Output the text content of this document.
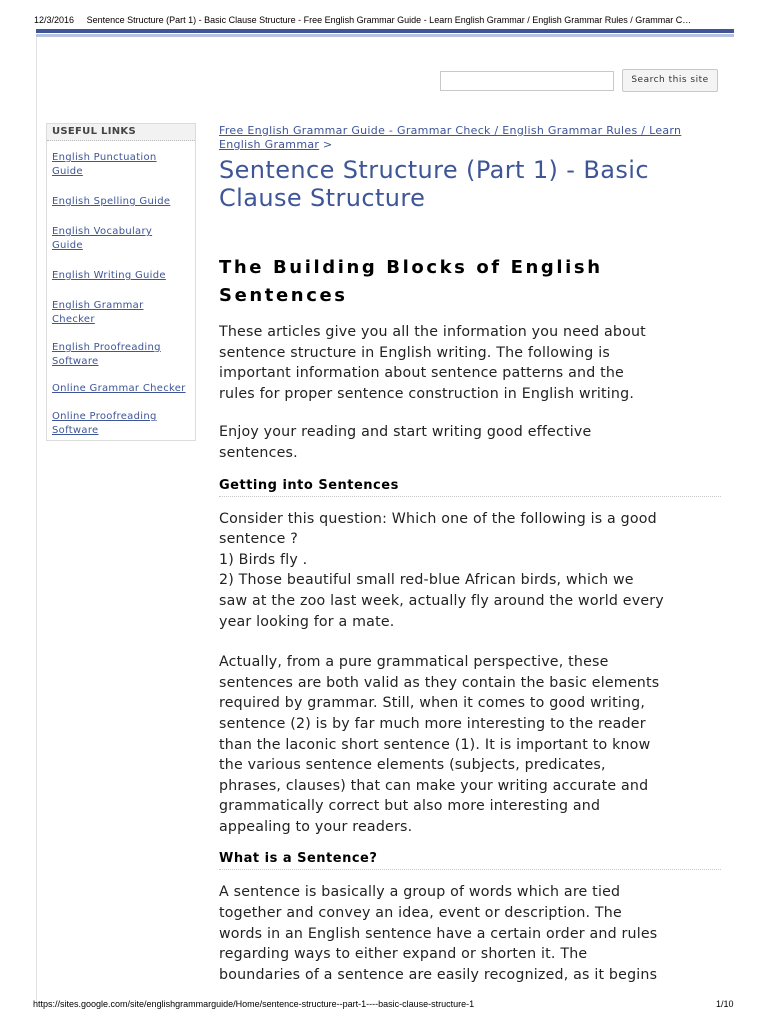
12/3/2016 Sentence Structure (Part 1) - Basic Clause Structure - Free English Grammar Guide - Learn English Grammar / English Grammar Rules / Grammar C…
Search this site
USEFUL LINKS
English Punctuation
Guide
English Spelling Guide
English Vocabulary
Guide
English Writing Guide
English Grammar
Checker
English Proofreading
Software
Online Grammar Checker
Online Proofreading
Software
Free English Grammar Guide - Grammar Check / English Grammar Rules / Learn
English Grammar >
Sentence Structure (Part 1) - Basic
Clause Structure
The Building Blocks of English
Sentences

These articles give you all the information you need about
sentence structure in English writing. The following is
important information about sentence patterns and the
rules for proper sentence construction in English writing.

Enjoy your reading and start writing good effective
sentences.

Getting into Sentences

Consider this question: Which one of the following is a good
sentence ?
1) Birds fly .
2) Those beautiful small red-blue African birds, which we
saw at the zoo last week, actually fly around the world every
year looking for a mate.

Actually, from a pure grammatical perspective, these
sentences are both valid as they contain the basic elements
required by grammar. Still, when it comes to good writing,
sentence (2) is by far much more interesting to the reader
than the laconic short sentence (1). It is important to know
the various sentence elements (subjects, predicates,
phrases, clauses) that can make your writing accurate and
grammatically correct but also more interesting and
appealing to your readers.

What is a Sentence?

A sentence is basically a group of words which are tied
together and convey an idea, event or description. The
words in an English sentence have a certain order and rules
regarding ways to either expand or shorten it. The
boundaries of a sentence are easily recognized, as it begins

https://sites.google.com/site/englishgrammarguide/Home/sentence-structure--part-1----basic-clause-structure-1	1/10
